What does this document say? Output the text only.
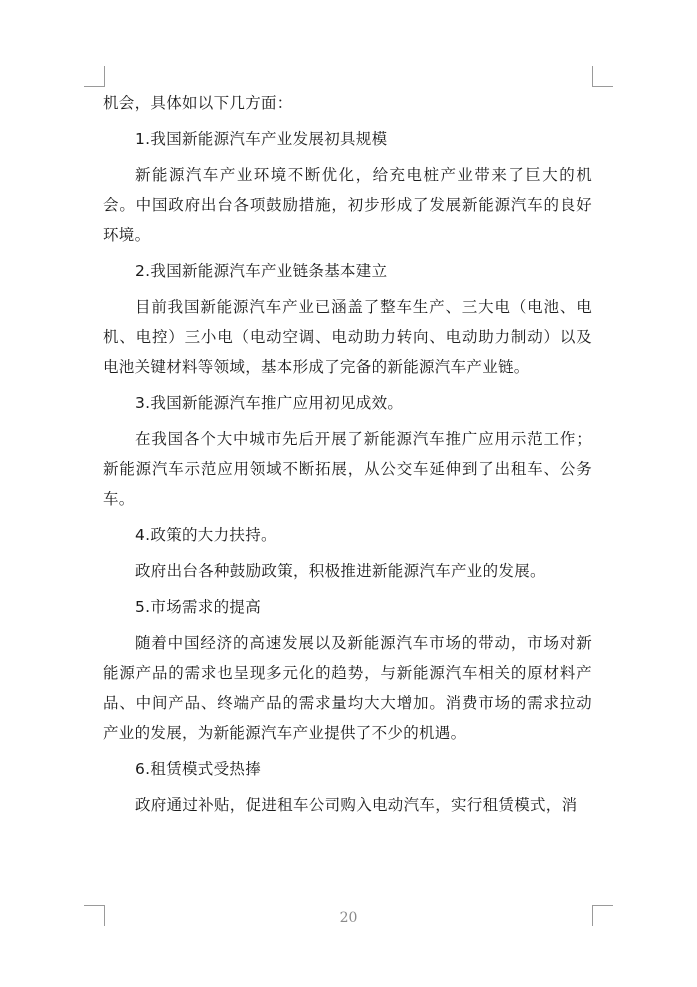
机会，具体如以下几方面：

1.我国新能源汽车产业发展初具规模

新能源汽车产业环境不断优化，给充电桩产业带来了巨大的机会。中国政府出台各项鼓励措施，初步形成了发展新能源汽车的良好环境。

2.我国新能源汽车产业链条基本建立

目前我国新能源汽车产业已涵盖了整车生产、三大电（电池、电机、电控）三小电（电动空调、电动助力转向、电动助力制动）以及电池关键材料等领域，基本形成了完备的新能源汽车产业链。

3.我国新能源汽车推广应用初见成效。

在我国各个大中城市先后开展了新能源汽车推广应用示范工作；新能源汽车示范应用领域不断拓展，从公交车延伸到了出租车、公务车。

4.政策的大力扶持。

政府出台各种鼓励政策，积极推进新能源汽车产业的发展。

5.市场需求的提高

随着中国经济的高速发展以及新能源汽车市场的带动，市场对新能源产品的需求也呈现多元化的趋势，与新能源汽车相关的原材料产品、中间产品、终端产品的需求量均大大增加。消费市场的需求拉动产业的发展，为新能源汽车产业提供了不少的机遇。

6.租赁模式受热捧

政府通过补贴，促进租车公司购入电动汽车，实行租赁模式，消

20
